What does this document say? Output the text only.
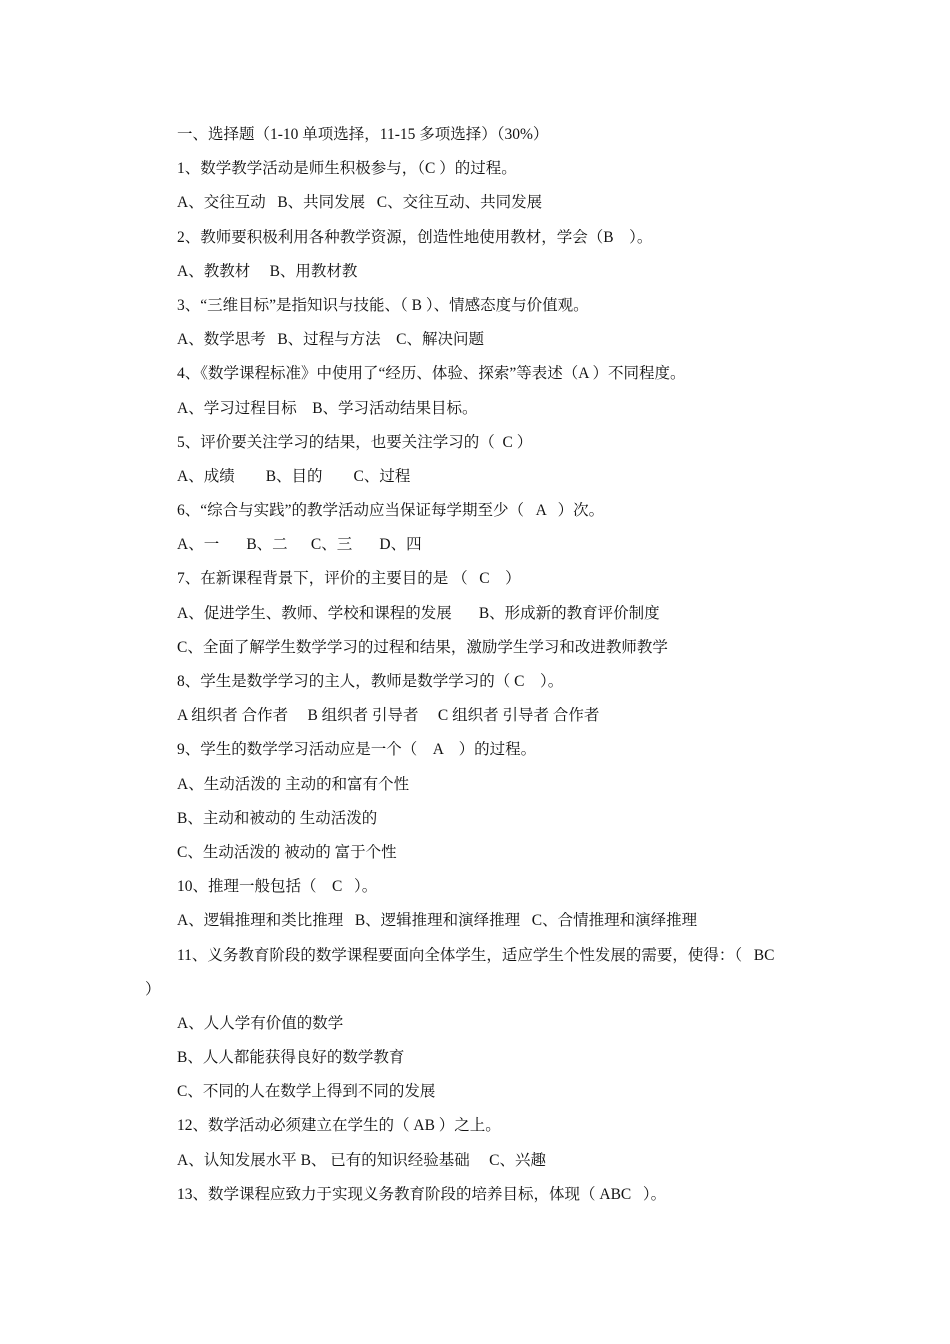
一、选择题（1-10 单项选择，11-15 多项选择）（30%）
1、数学教学活动是师生积极参与，（C ）的过程。
A、交往互动   B、共同发展   C、交往互动、共同发展
2、教师要积极利用各种教学资源，创造性地使用教材，学会（B    ）。
A、教教材     B、用教材教
3、“三维目标”是指知识与技能、（ B ）、情感态度与价值观。
A、数学思考   B、过程与方法    C、解决问题
4、《数学课程标准》中使用了“经历、体验、探索”等表述（A ）不同程度。
A、学习过程目标    B、学习活动结果目标。
5、评价要关注学习的结果，也要关注学习的（  C ）
A、成绩        B、目的        C、过程
6、“综合与实践”的教学活动应当保证每学期至少（   A   ）次。
A、一       B、二      C、三       D、四
7、在新课程背景下，评价的主要目的是 （   C    ）
A、促进学生、教师、学校和课程的发展       B、形成新的教育评价制度
C、全面了解学生数学学习的过程和结果，激励学生学习和改进教师教学
8、学生是数学学习的主人，教师是数学学习的（ C    ）。
A 组织者 合作者     B 组织者 引导者     C 组织者 引导者 合作者
9、学生的数学学习活动应是一个（    A    ）的过程。
A、生动活泼的 主动的和富有个性
B、主动和被动的 生动活泼的
C、生动活泼的 被动的 富于个性
10、推理一般包括（    C   ）。
A、逻辑推理和类比推理   B、逻辑推理和演绎推理   C、合情推理和演绎推理
11、义务教育阶段的数学课程要面向全体学生，适应学生个性发展的需要，使得：（   BC
）
A、人人学有价值的数学
B、人人都能获得良好的数学教育
C、不同的人在数学上得到不同的发展
12、数学活动必须建立在学生的（ AB ）之上。
A、认知发展水平 B、 已有的知识经验基础     C、兴趣
13、数学课程应致力于实现义务教育阶段的培养目标，体现（ ABC   ）。
